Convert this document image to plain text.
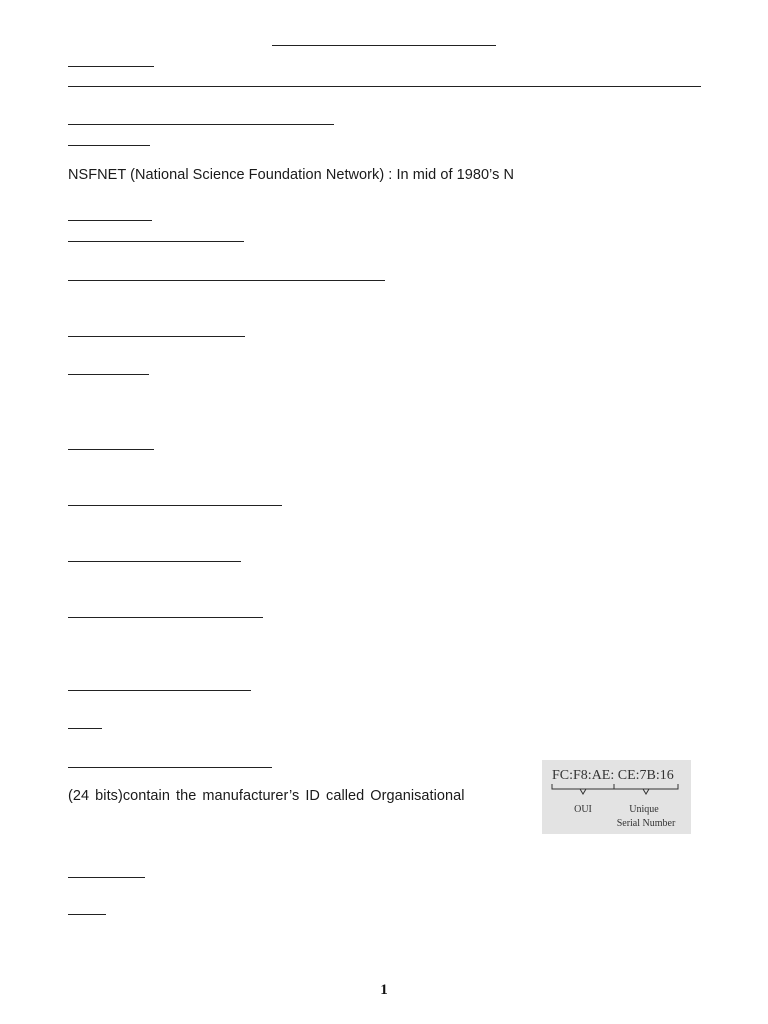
NSFNET (National Science Foundation Network) : In mid of 1980’s N
(24 bits)contain the manufacturer’s ID called Organisational
FC:F8:AE: CE:7B:16
OUI	Unique
Serial Number
1
